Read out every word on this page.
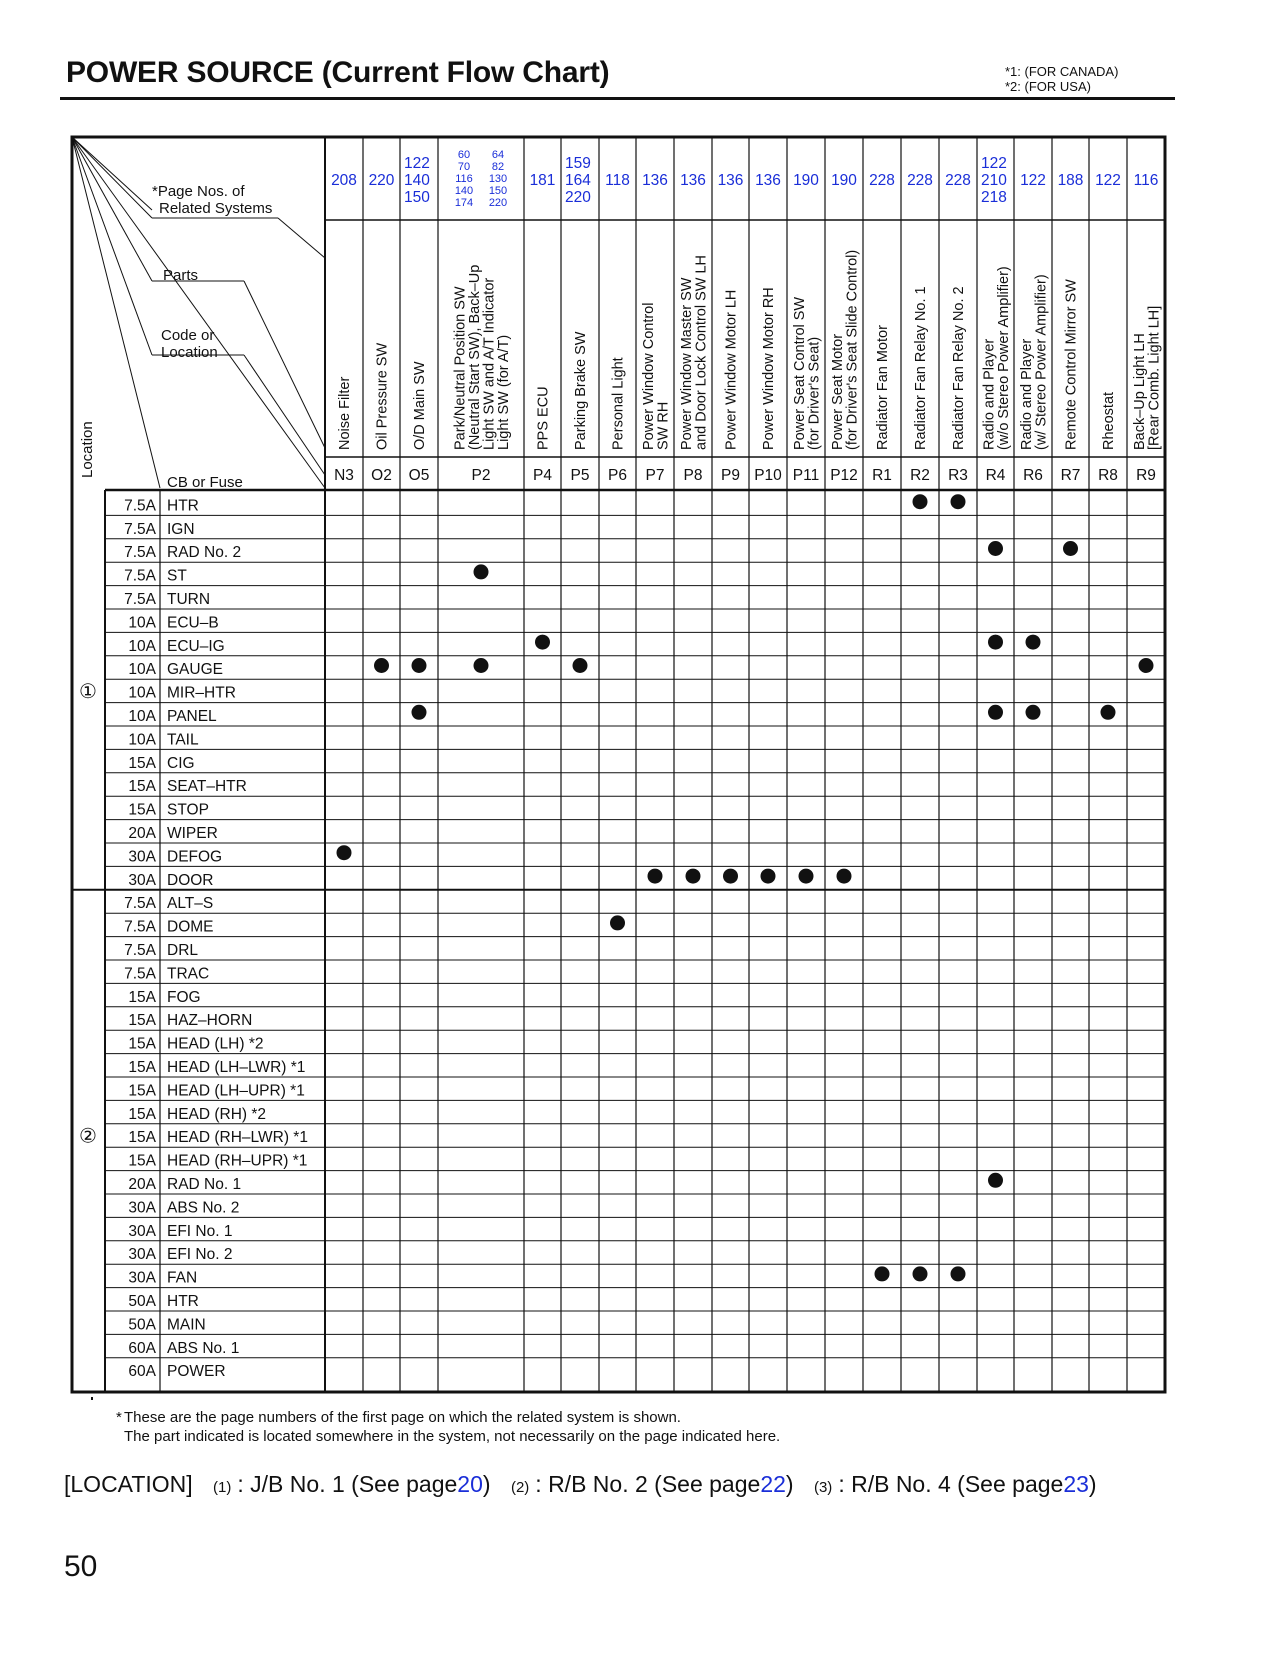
POWER SOURCE (Current Flow Chart)	*1: (FOR CANADA)
*2: (FOR USA)
*Page Nos. of
Related Systems
Parts
Code or
Location
CB or Fuse
Location
208
Noise Filter
N3
220
Oil Pressure SW
O2
122
140
150
O/D Main SW
O5
60 64
70 82
116 130
140 150
174 220
Park/Neutral Position SW
(Neutral Start SW), Back–Up
Light SW and A/T Indicator
Light SW (for A/T)
P2
181
PPS ECU
P4
159
164
220
Parking Brake SW
P5
118
Personal Light
P6
136
Power Window Control
SW RH
P7
136
Power Window Master SW
and Door Lock Control SW LH
P8
136
Power Window Motor LH
P9
136
Power Window Motor RH
P10
190
Power Seat Control SW
(for Driver's Seat)
P11
190
Power Seat Motor
(for Driver's Seat Slide Control)
P12
228
Radiator Fan Motor
R1
228
Radiator Fan Relay No. 1
R2
228
Radiator Fan Relay No. 2
R3
122
210
218
Radio and Player
(w/o Stereo Power Amplifier)
R4
122
Radio and Player
(w/ Stereo Power Amplifier)
R6
188
Remote Control Mirror SW
R7
122
Rheostat
R8
116
Back–Up Light LH
[Rear Comb. Light LH]
R9
7.5A HTR
7.5A IGN
7.5A RAD No. 2
7.5A ST
7.5A TURN
10A ECU–B
10A ECU–IG
10A GAUGE
10A MIR–HTR
10A PANEL
10A TAIL
15A CIG
15A SEAT–HTR
15A STOP
20A WIPER
30A DEFOG
30A DOOR
①
7.5A ALT–S
7.5A DOME
7.5A DRL
7.5A TRAC
15A FOG
15A HAZ–HORN
15A HEAD (LH) *2
15A HEAD (LH–LWR) *1
15A HEAD (LH–UPR) *1
15A HEAD (RH) *2
15A HEAD (RH–LWR) *1
15A HEAD (RH–UPR) *1
20A RAD No. 1
30A ABS No. 2
30A EFI No. 1
30A EFI No. 2
30A FAN
50A HTR
50A MAIN
60A ABS No. 1
60A POWER
②
* These are the page numbers of the first page on which the related system is shown.
The part indicated is located somewhere in the system, not necessarily on the page indicated here.
[LOCATION] (1) : J/B No. 1 (See page20) (2) : R/B No. 2 (See page22) (3) : R/B No. 4 (See page23)
50
